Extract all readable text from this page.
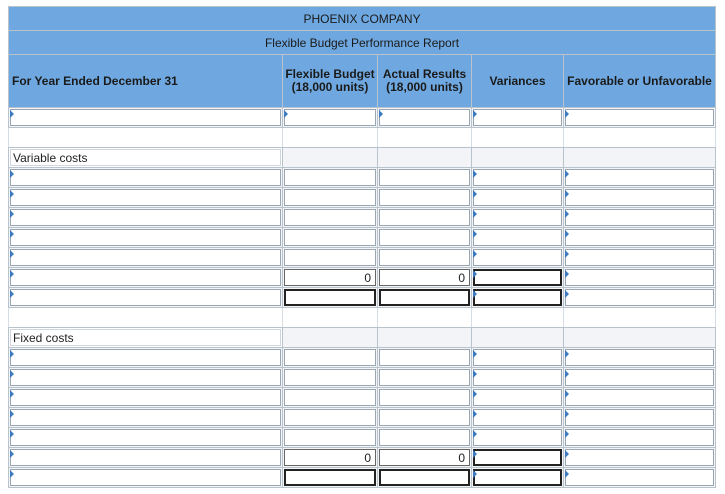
PHOENIX COMPANY				
Flexible Budget Performance Report				
For Year Ended December 31	Flexible Budget (18,000 units)	Actual Results (18,000 units)	Variances	Favorable or Unfavorable

Variable costs				

	0	0		

Fixed costs				

	0	0		
